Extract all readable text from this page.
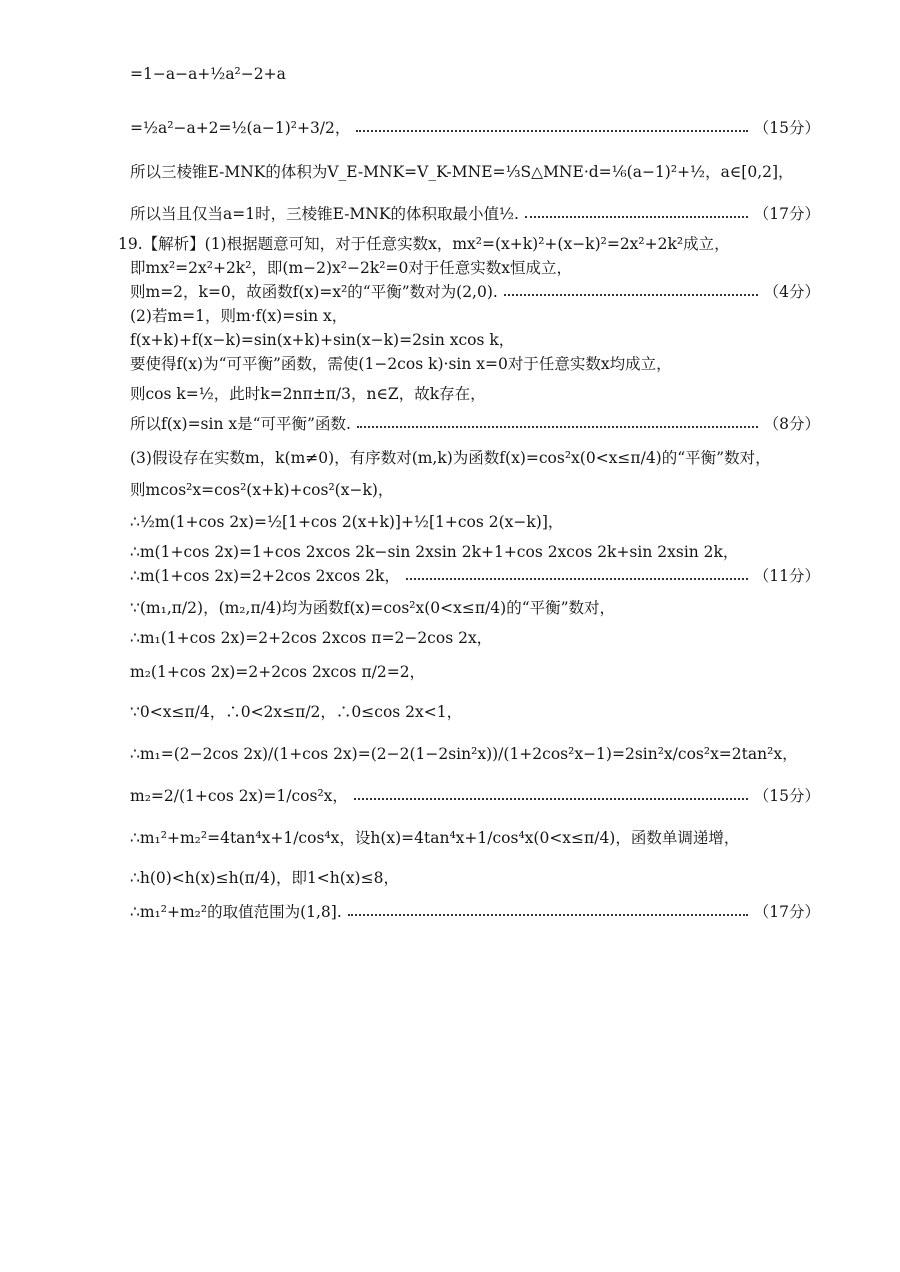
=1−a−a+½a²−2+a
=½a²−a+2=½(a−1)²+3/2，	（15分）
所以三棱锥E-MNK的体积为V_E-MNK=V_K-MNE=⅓S△MNE·d=⅙(a−1)²+½，a∈[0,2]，
所以当且仅当a=1时，三棱锥E-MNK的体积取最小值½.	（17分）
19.【解析】(1)根据题意可知，对于任意实数x，mx²=(x+k)²+(x−k)²=2x²+2k²成立，
即mx²=2x²+2k²，即(m−2)x²−2k²=0对于任意实数x恒成立，
则m=2，k=0，故函数f(x)=x²的“平衡”数对为(2,0).	（4分）
(2)若m=1，则m·f(x)=sin x，
f(x+k)+f(x−k)=sin(x+k)+sin(x−k)=2sin xcos k，
要使得f(x)为“可平衡”函数，需使(1−2cos k)·sin x=0对于任意实数x均成立，
则cos k=½，此时k=2nπ±π/3，n∈Z，故k存在，
所以f(x)=sin x是“可平衡”函数.	（8分）
(3)假设存在实数m，k(m≠0)，有序数对(m,k)为函数f(x)=cos²x(0<x≤π/4)的“平衡”数对，
则mcos²x=cos²(x+k)+cos²(x−k)，
∴½m(1+cos 2x)=½[1+cos 2(x+k)]+½[1+cos 2(x−k)]，
∴m(1+cos 2x)=1+cos 2xcos 2k−sin 2xsin 2k+1+cos 2xcos 2k+sin 2xsin 2k，
∴m(1+cos 2x)=2+2cos 2xcos 2k，	（11分）
∵(m₁,π/2)，(m₂,π/4)均为函数f(x)=cos²x(0<x≤π/4)的“平衡”数对，
∴m₁(1+cos 2x)=2+2cos 2xcos π=2−2cos 2x，
m₂(1+cos 2x)=2+2cos 2xcos π/2=2，
∵0<x≤π/4，∴0<2x≤π/2，∴0≤cos 2x<1，
∴m₁=(2−2cos 2x)/(1+cos 2x)=(2−2(1−2sin²x))/(1+2cos²x−1)=2sin²x/cos²x=2tan²x，
m₂=2/(1+cos 2x)=1/cos²x，	（15分）
∴m₁²+m₂²=4tan⁴x+1/cos⁴x，设h(x)=4tan⁴x+1/cos⁴x(0<x≤π/4)，函数单调递增，
∴h(0)<h(x)≤h(π/4)，即1<h(x)≤8，
∴m₁²+m₂²的取值范围为(1,8].	（17分）
